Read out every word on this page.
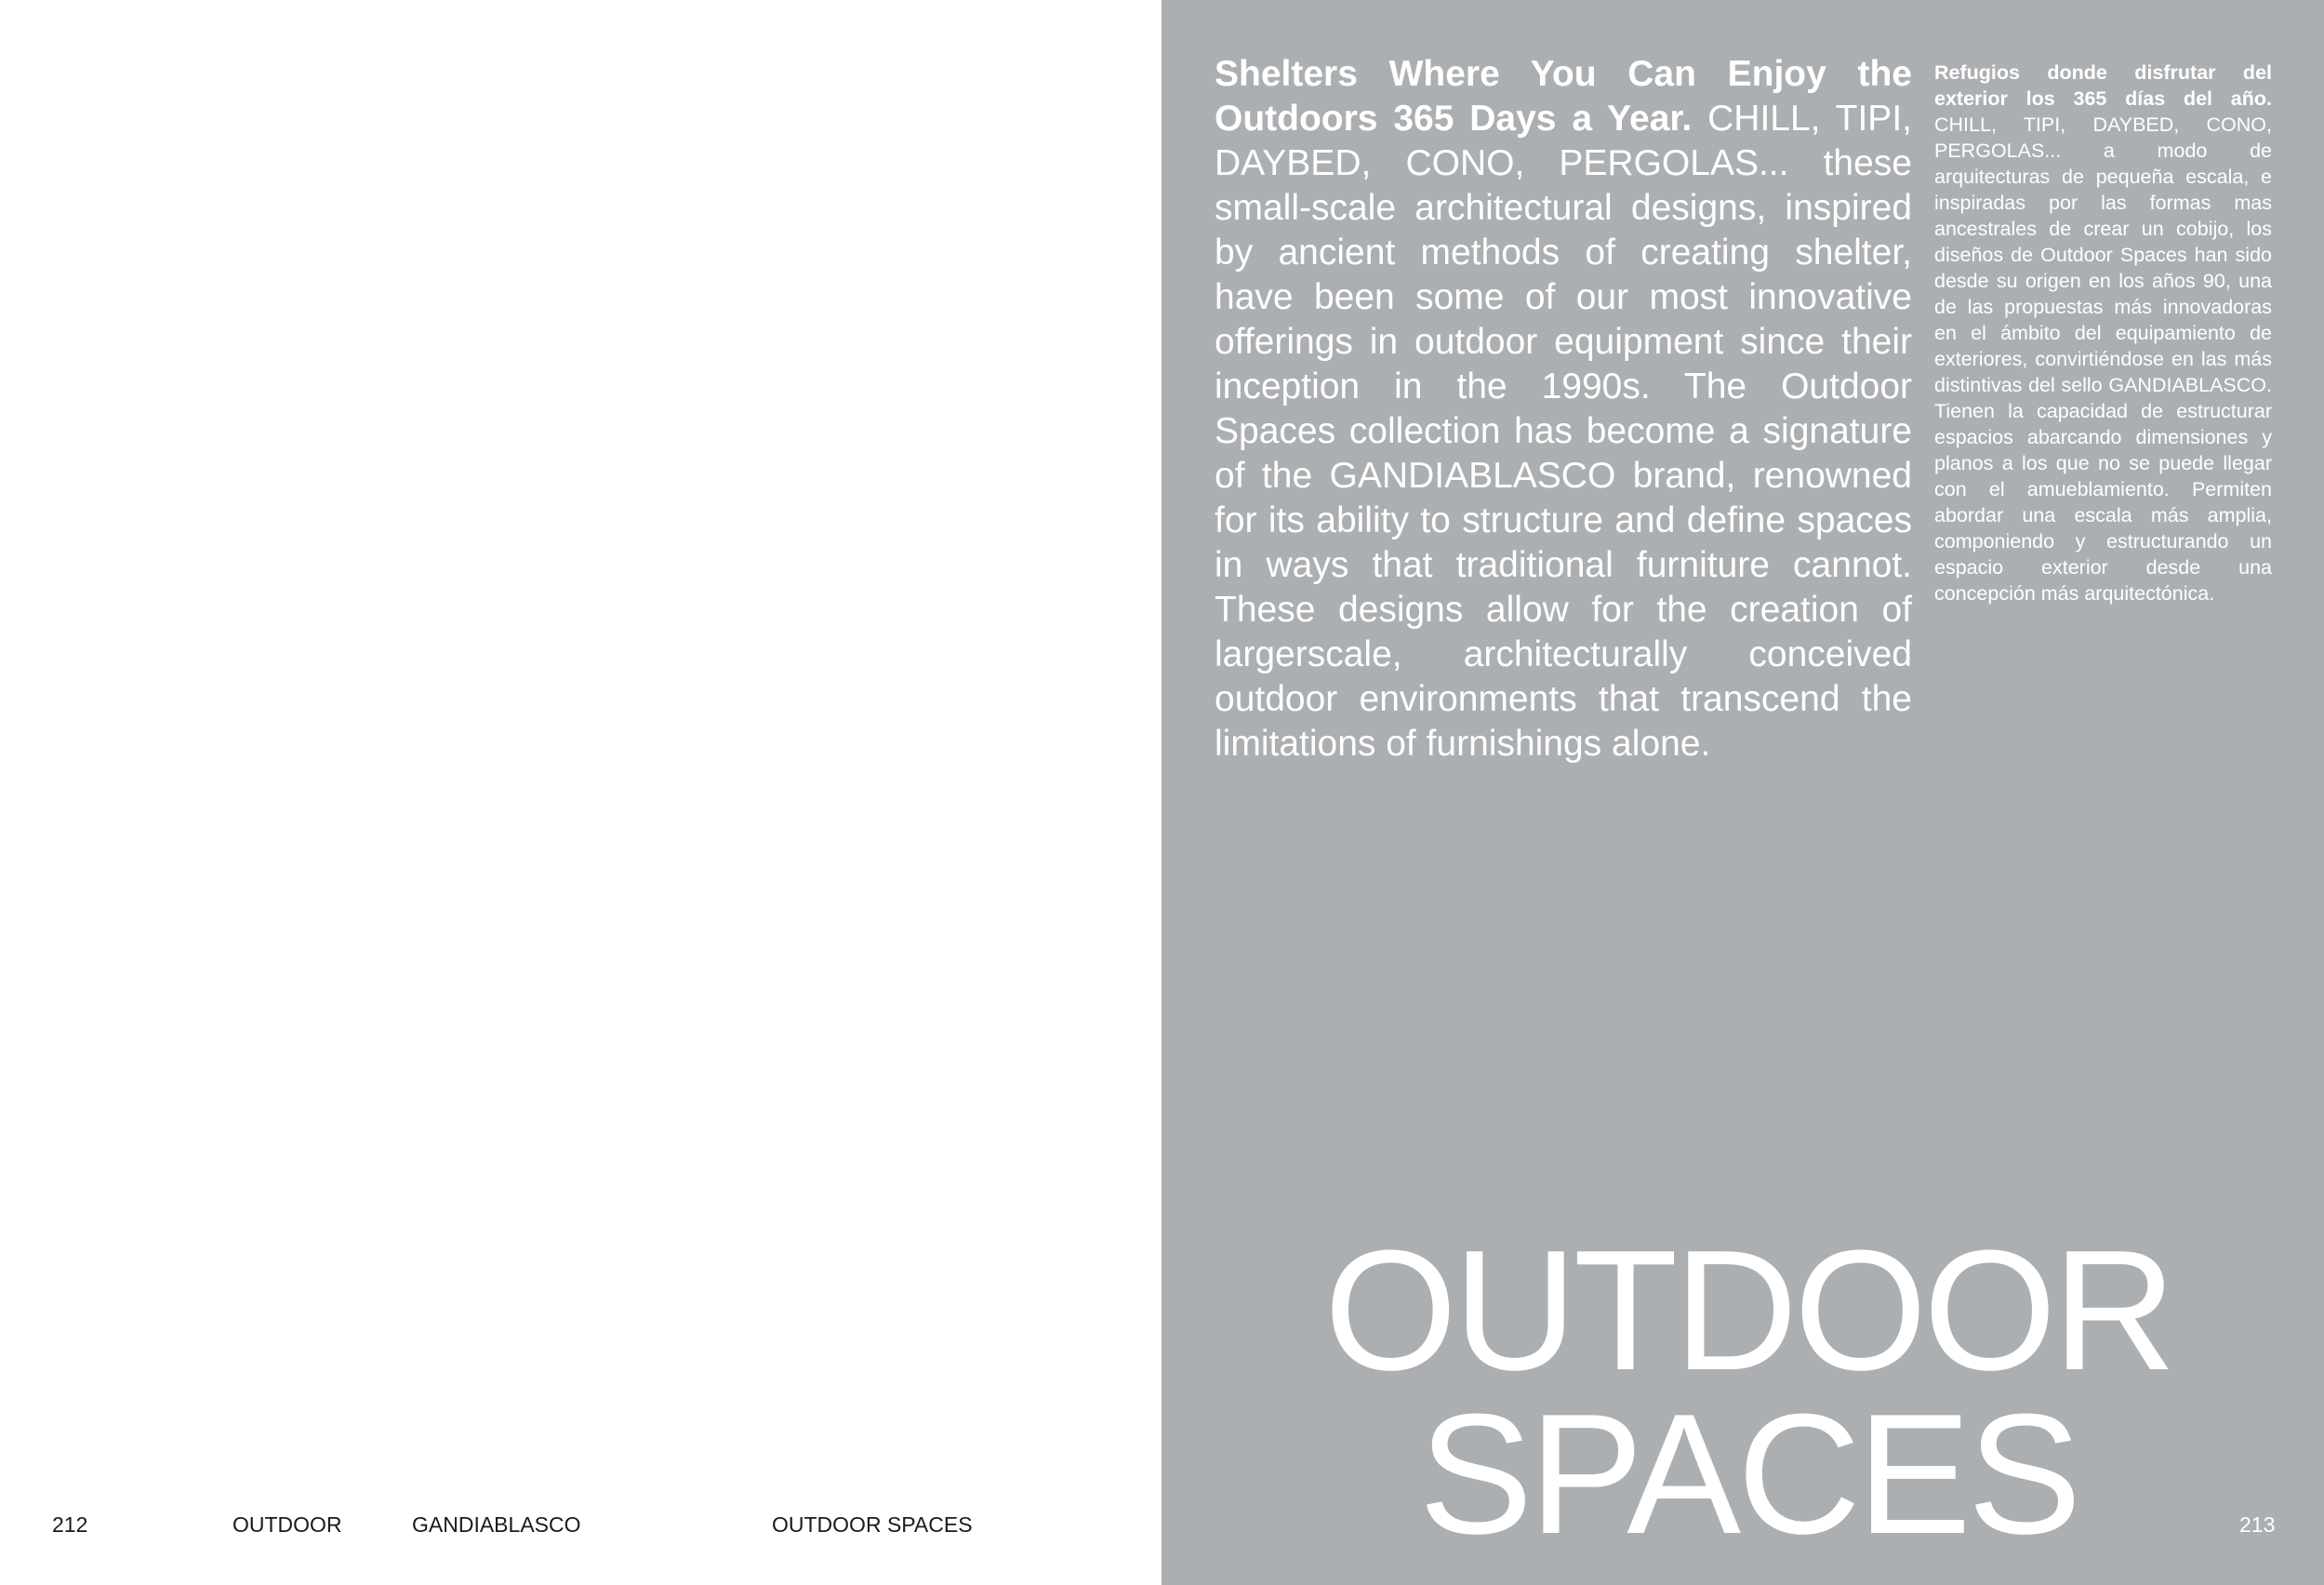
212	OUTDOOR	GANDIABLASCO	OUTDOOR SPACES
Shelters Where You Can Enjoy the Outdoors 365 Days a Year. CHILL, TIPI, DAYBED, CONO, PERGOLAS... these small-scale architectural designs, inspired by ancient methods of creating shelter, have been some of our most innovative offerings in outdoor equipment since their inception in the 1990s. The Outdoor Spaces collection has become a signature of the GANDIABLASCO brand, renowned for its ability to structure and define spaces in ways that traditional furniture cannot. These designs allow for the creation of largerscale, architecturally conceived outdoor environments that transcend the limitations of furnishings alone.
Refugios donde disfrutar del exterior los 365 días del año. CHILL, TIPI, DAYBED, CONO, PERGOLAS... a modo de arquitecturas de pequeña escala, e inspiradas por las formas mas ancestrales de crear un cobijo, los diseños de Outdoor Spaces han sido desde su origen en los años 90, una de las propuestas más innovadoras en el ámbito del equipamiento de exteriores, convirtiéndose en las más distintivas del sello GANDIABLASCO. Tienen la capacidad de estructurar espacios abarcando dimensiones y planos a los que no se puede llegar con el amueblamiento. Permiten abordar una escala más amplia, componiendo y estructurando un espacio exterior desde una concepción más arquitectónica.
OUTDOOR
SPACES	213
